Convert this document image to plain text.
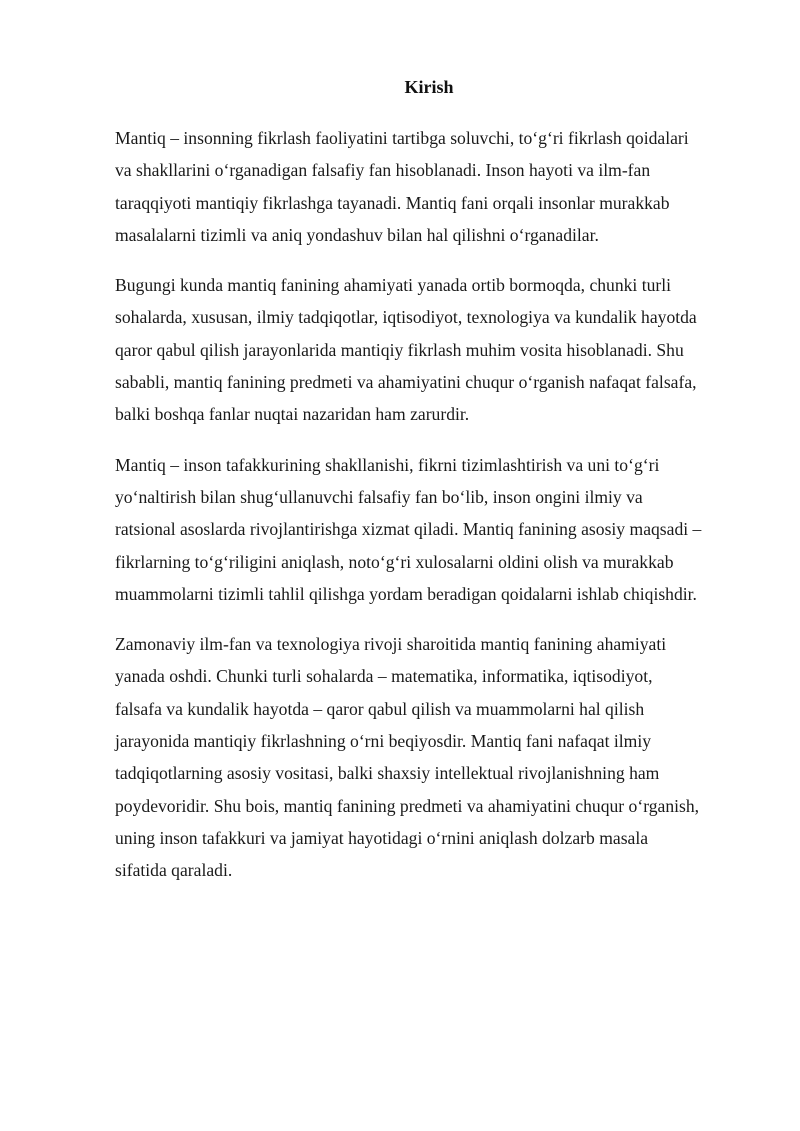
Kirish

Mantiq – insonning fikrlash faoliyatini tartibga soluvchi, to‘g‘ri fikrlash qoidalari
va shakllarini o‘rganadigan falsafiy fan hisoblanadi. Inson hayoti va ilm-fan
taraqqiyoti mantiqiy fikrlashga tayanadi. Mantiq fani orqali insonlar murakkab
masalalarni tizimli va aniq yondashuv bilan hal qilishni o‘rganadilar.

Bugungi kunda mantiq fanining ahamiyati yanada ortib bormoqda, chunki turli
sohalarda, xususan, ilmiy tadqiqotlar, iqtisodiyot, texnologiya va kundalik hayotda
qaror qabul qilish jarayonlarida mantiqiy fikrlash muhim vosita hisoblanadi. Shu
sababli, mantiq fanining predmeti va ahamiyatini chuqur o‘rganish nafaqat falsafa,
balki boshqa fanlar nuqtai nazaridan ham zarurdir.

Mantiq – inson tafakkurining shakllanishi, fikrni tizimlashtirish va uni to‘g‘ri
yo‘naltirish bilan shug‘ullanuvchi falsafiy fan bo‘lib, inson ongini ilmiy va
ratsional asoslarda rivojlantirishga xizmat qiladi. Mantiq fanining asosiy maqsadi –
fikrlarning to‘g‘riligini aniqlash, noto‘g‘ri xulosalarni oldini olish va murakkab
muammolarni tizimli tahlil qilishga yordam beradigan qoidalarni ishlab chiqishdir.

Zamonaviy ilm-fan va texnologiya rivoji sharoitida mantiq fanining ahamiyati
yanada oshdi. Chunki turli sohalarda – matematika, informatika, iqtisodiyot,
falsafa va kundalik hayotda – qaror qabul qilish va muammolarni hal qilish
jarayonida mantiqiy fikrlashning o‘rni beqiyosdir. Mantiq fani nafaqat ilmiy
tadqiqotlarning asosiy vositasi, balki shaxsiy intellektual rivojlanishning ham
poydevoridir. Shu bois, mantiq fanining predmeti va ahamiyatini chuqur o‘rganish,
uning inson tafakkuri va jamiyat hayotidagi o‘rnini aniqlash dolzarb masala
sifatida qaraladi.
